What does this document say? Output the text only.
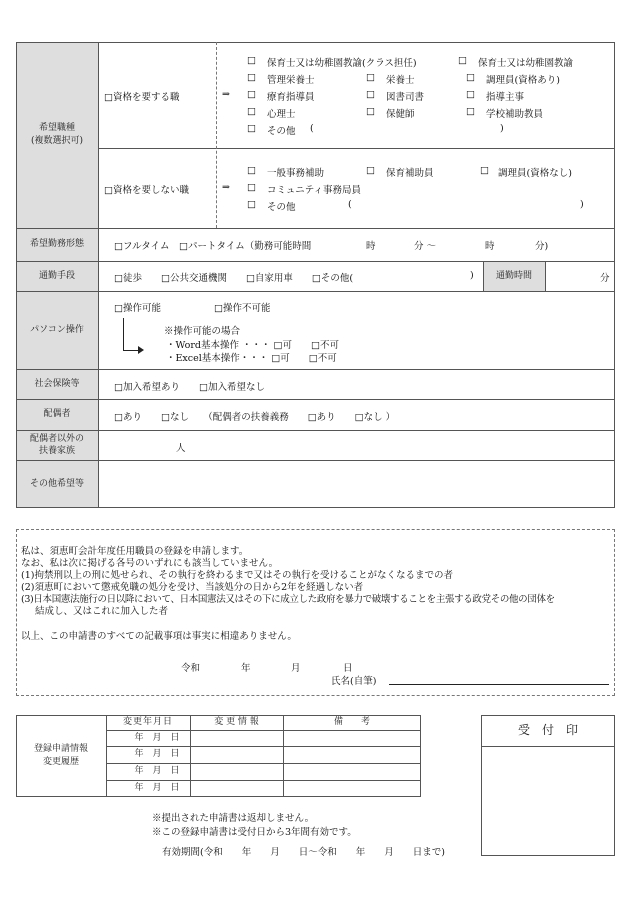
希望職種
(複数選択可)
□資格を要する職	⇒
□ 保育士又は幼稚園教諭(クラス担任)	□ 保育士又は幼稚園教諭
□ 管理栄養士	□ 栄養士	□ 調理員(資格あり)
□ 療育指導員	□ 図書司書	□ 指導主事
□ 心理士	□ 保健師	□ 学校補助教員
□ その他 (	)
□資格を要しない職	⇒
□ 一般事務補助	□ 保育補助員	□ 調理員(資格なし)
□ コミュニティ事務局員
□ その他	(	)
希望勤務形態	□フルタイム　□パートタイム（勤務可能時間	時	分 〜	時	分)
通勤手段	□徒歩　　□公共交通機関　　□自家用車　　□その他(	)	通勤時間	分
パソコン操作
□操作可能	□操作不可能
※操作可能の場合
・Word基本操作 ・・・ □可　　□不可
・Excel基本操作・・・ □可　　□不可
社会保険等	□加入希望あり　　□加入希望なし
配偶者	□あり　　□なし　　（配偶者の扶養義務　　□あり　　□なし ）
配偶者以外の
扶養家族	人
その他希望等
私は、須恵町会計年度任用職員の登録を申請します。
なお、私は次に掲げる各号のいずれにも該当していません。
(1)拘禁刑以上の刑に処せられ、その執行を終わるまで又はその執行を受けることがなくなるまでの者
(2)須恵町において懲戒免職の処分を受け、当該処分の日から2年を経過しない者
(3)日本国憲法施行の日以降において、日本国憲法又はその下に成立した政府を暴力で破壊することを主張する政党その他の団体を
結成し、又はこれに加入した者
以上、この申請書のすべての記載事項は事実に相違ありません。
令和	年	月	日
氏名(自筆)
登録申請情報
変更履歴
変更年月日	変 更 情 報	備　　考
年　月　日
年　月　日
年　月　日
年　月　日
受　付　印
※提出された申請書は返却しません。
※この登録申請書は受付日から3年間有効です。
有効期間(令和　　年　　月　　日〜令和　　年　　月　　日まで)
